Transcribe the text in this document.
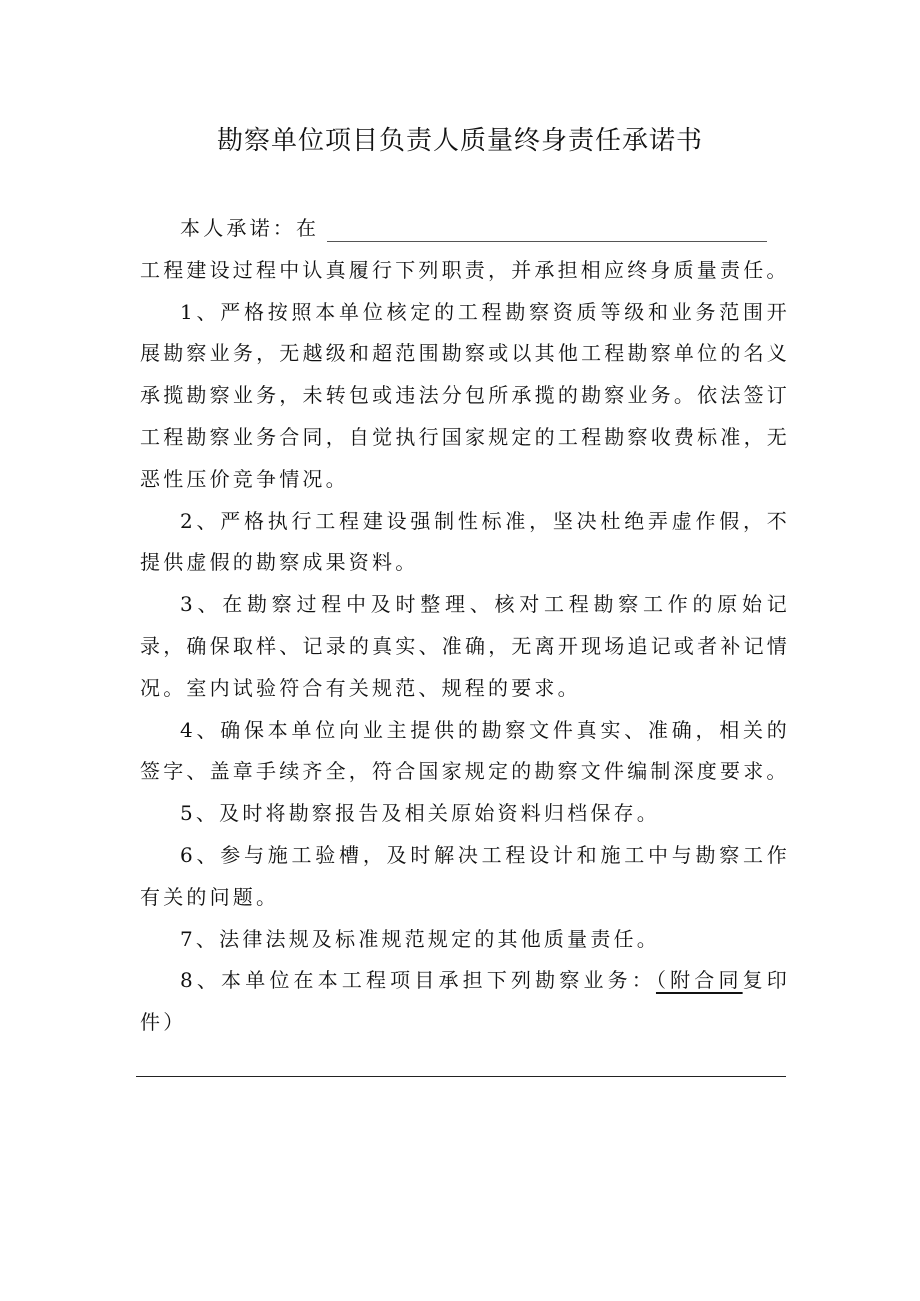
勘察单位项目负责人质量终身责任承诺书

本人承诺：在

工程建设过程中认真履行下列职责，并承担相应终身质量责任。

1、严格按照本单位核定的工程勘察资质等级和业务范围开展勘察业务，无越级和超范围勘察或以其他工程勘察单位的名义承揽勘察业务，未转包或违法分包所承揽的勘察业务。依法签订工程勘察业务合同，自觉执行国家规定的工程勘察收费标准，无恶性压价竞争情况。

2、严格执行工程建设强制性标准，坚决杜绝弄虚作假，不提供虚假的勘察成果资料。

3、在勘察过程中及时整理、核对工程勘察工作的原始记录，确保取样、记录的真实、准确，无离开现场追记或者补记情况。室内试验符合有关规范、规程的要求。

4、确保本单位向业主提供的勘察文件真实、准确，相关的签字、盖章手续齐全，符合国家规定的勘察文件编制深度要求。

5、及时将勘察报告及相关原始资料归档保存。

6、参与施工验槽，及时解决工程设计和施工中与勘察工作有关的问题。

7、法律法规及标准规范规定的其他质量责任。

8、本单位在本工程项目承担下列勘察业务：（附合同复印件）
